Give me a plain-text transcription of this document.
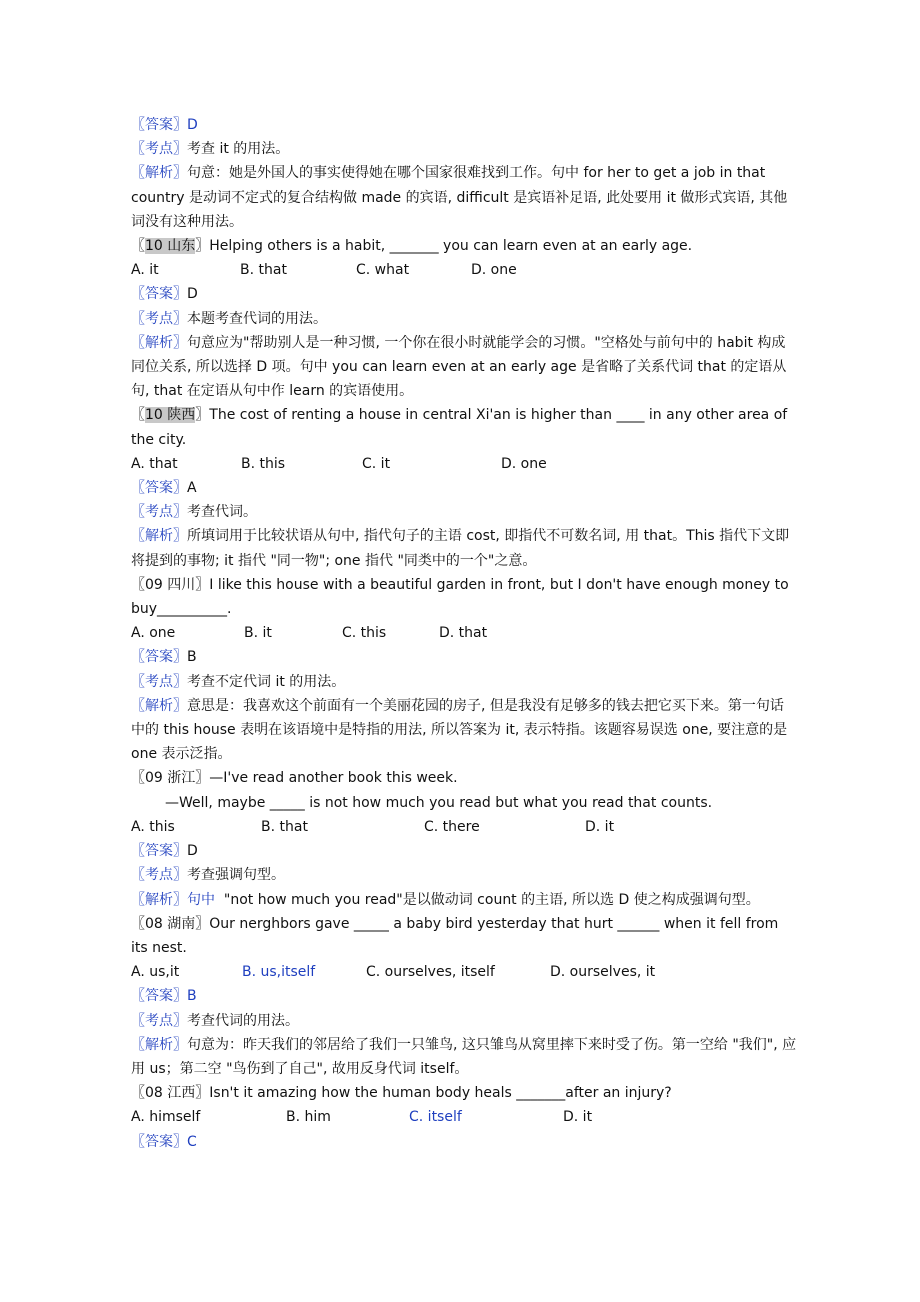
〖答案〗D
〖考点〗考查 it 的用法。
〖解析〗句意：她是外国人的事实使得她在哪个国家很难找到工作。句中 for her to get a job in that country 是动词不定式的复合结构做 made 的宾语, difficult 是宾语补足语, 此处要用 it 做形式宾语, 其他词没有这种用法。
〖10 山东〗Helping others is a habit, _______ you can learn even at an early age.
A. it	B. that	C. what	D. one
〖答案〗D
〖考点〗本题考查代词的用法。
〖解析〗句意应为"帮助别人是一种习惯, 一个你在很小时就能学会的习惯。"空格处与前句中的 habit 构成同位关系, 所以选择 D 项。句中 you can learn even at an early age 是省略了关系代词 that 的定语从句, that 在定语从句中作 learn 的宾语使用。
〖10 陕西〗The cost of renting a house in central Xi'an is higher than ____ in any other area of the city.
A. that	B. this	C. it	D. one
〖答案〗A
〖考点〗考查代词。
〖解析〗所填词用于比较状语从句中, 指代句子的主语 cost, 即指代不可数名词, 用 that。This 指代下文即将提到的事物; it 指代 "同一物"; one 指代 "同类中的一个"之意。
〖09 四川〗I like this house with a beautiful garden in front, but I don't have enough money to buy__________.
A. one	B. it	C. this	D. that
〖答案〗B
〖考点〗考查不定代词 it 的用法。
〖解析〗意思是：我喜欢这个前面有一个美丽花园的房子, 但是我没有足够多的钱去把它买下来。第一句话中的 this house 表明在该语境中是特指的用法, 所以答案为 it, 表示特指。该题容易误选 one, 要注意的是 one 表示泛指。
〖09 浙江〗—I've read another book this week.
—Well, maybe _____ is not how much you read but what you read that counts.
A. this	B. that	C. there	D. it
〖答案〗D
〖考点〗考查强调句型。
〖解析〗句中  "not how much you read"是以做动词 count 的主语, 所以选 D 使之构成强调句型。
〖08 湖南〗Our nerghbors gave _____ a baby bird yesterday that hurt ______ when it fell from its nest.
A. us,it	B. us,itself	C. ourselves, itself	D. ourselves, it
〖答案〗B
〖考点〗考查代词的用法。
〖解析〗句意为：昨天我们的邻居给了我们一只雏鸟, 这只雏鸟从窝里摔下来时受了伤。第一空给 "我们", 应用 us；第二空 "鸟伤到了自己", 故用反身代词 itself。
〖08 江西〗Isn't it amazing how the human body heals _______after an injury?
A. himself	B. him	C. itself	D. it
〖答案〗C
